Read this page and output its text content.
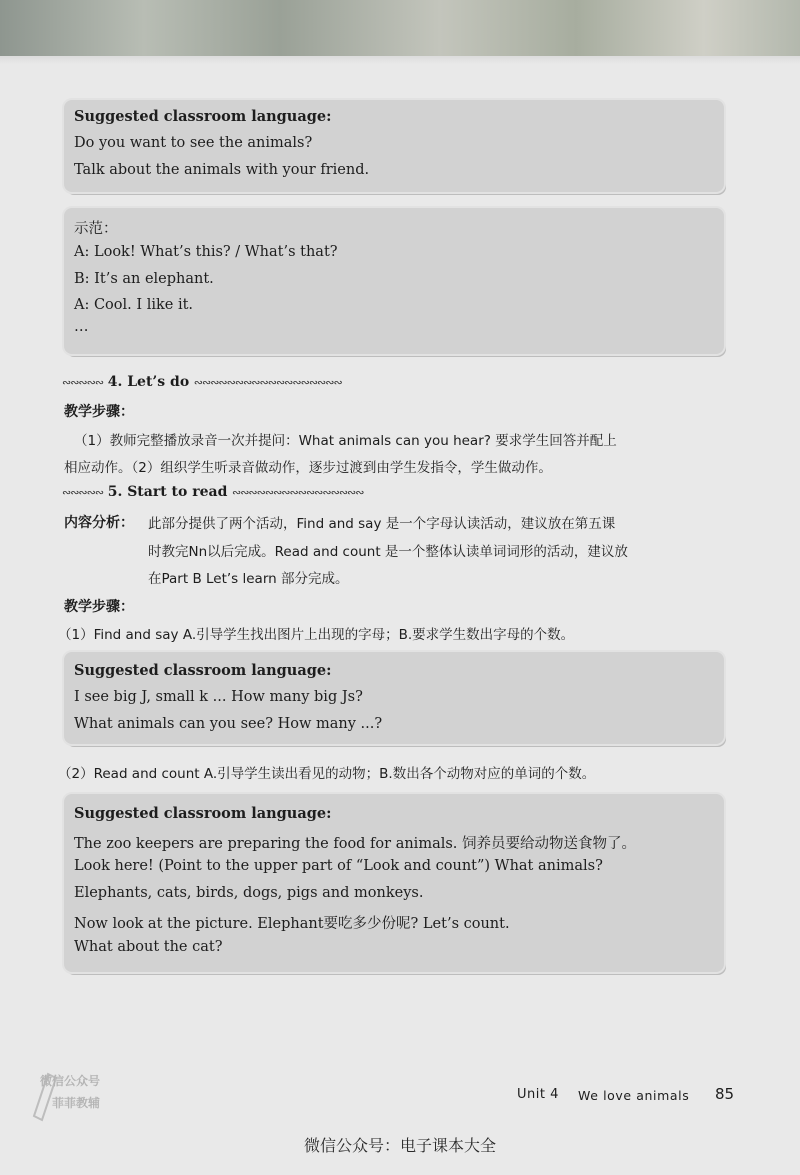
Suggested classroom language:
Do you want to see the animals?
Talk about the animals with your friend.
示范：
A: Look! What’s this? / What’s that?
B: It’s an elephant.
A: Cool. I like it.
…
∾∾∾∾∾ 4. Let’s do ∾∾∾∾∾∾∾∾∾∾∾∾∾∾∾∾∾∾
教学步骤：
（1）教师完整播放录音一次并提问：What animals can you hear? 要求学生回答并配上
相应动作。（2）组织学生听录音做动作，逐步过渡到由学生发指令，学生做动作。
∾∾∾∾∾ 5. Start to read ∾∾∾∾∾∾∾∾∾∾∾∾∾∾∾∾
内容分析： 此部分提供了两个活动，Find and say 是一个字母认读活动，建议放在第五课
时教完Nn以后完成。Read and count 是一个整体认读单词词形的活动，建议放
在Part B Let’s learn 部分完成。
教学步骤：
（1）Find and say A.引导学生找出图片上出现的字母；B.要求学生数出字母的个数。
Suggested classroom language:
I see big J, small k ... How many big Js?
What animals can you see? How many ...?
（2）Read and count A.引导学生读出看见的动物；B.数出各个动物对应的单词的个数。
Suggested classroom language:
The zoo keepers are preparing the food for animals. 饲养员要给动物送食物了。
Look here! (Point to the upper part of “Look and count”) What animals?
Elephants, cats, birds, dogs, pigs and monkeys.
Now look at the picture. Elephant要吃多少份呢? Let’s count.
What about the cat?
微信公众号
菲菲教辅
Unit 4 We love animals 85
微信公众号：电子课本大全
